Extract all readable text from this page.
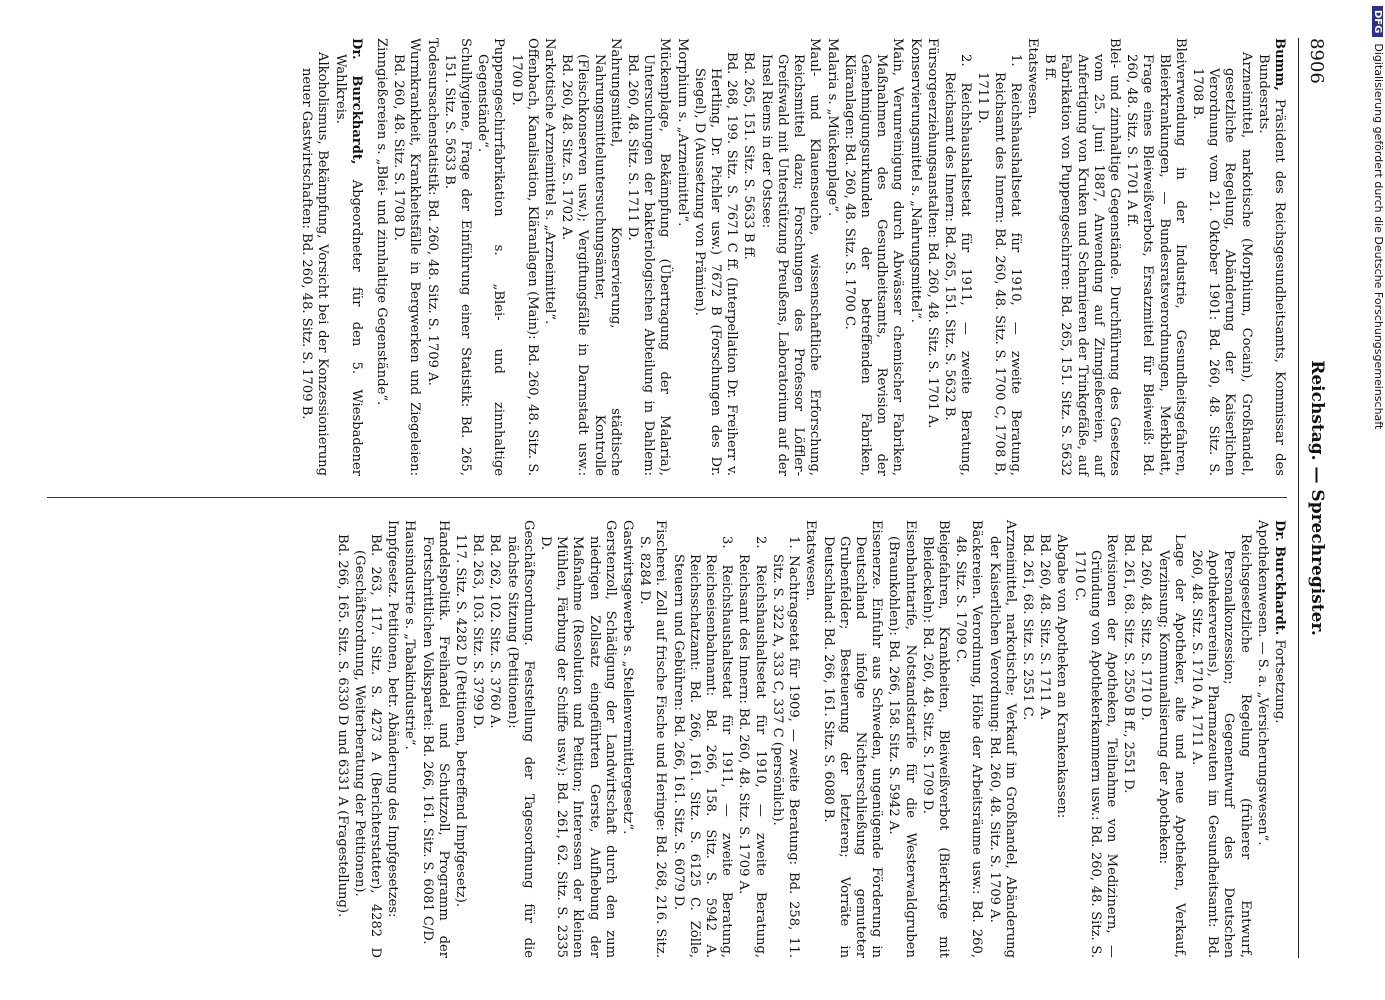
8906
Reichstag. — Sprechregister.

Bumm, Präsident des Reichsgesundheitsamts, Kommissar des Bundesrats.

Arzneimittel, narkotische (Morphium, Cocain), Großhandel, gesetzliche Regelung, Abänderung der Kaiserlichen Verordnung vom 21. Oktober 1901: Bd. 260, 48. Sitz. S. 1708 B.

Bleiverwendung in der Industrie, Gesundheitsgefahren, Bleierkrankungen, — Bundesratsverordnungen, Merkblatt, Frage eines Bleiweißverbots, Ersatzmittel für Bleiweiß: Bd. 260, 48. Sitz. S. 1701 A ff.

Blei- und zinnhaltige Gegenstände. Durchführung des Gesetzes vom 25. Juni 1887, Anwendung auf Zinngießereien, auf Anfertigung von Kruken und Scharnieren der Trinkgefäße, auf Fabrikation von Puppengeschirren: Bd. 265, 151. Sitz. S. 5632 B ff.

Etatswesen.

1. Reichshaushaltsetat für 1910, — zweite Beratung, Reichsamt des Innern: Bd. 260, 48. Sitz. S. 1700 C, 1708 B, 1711 D.

2. Reichshaushaltsetat für 1911, — zweite Beratung, Reichsamt des Innern: Bd. 265, 151. Sitz. S. 5632 B.

Fürsorgeerziehungsanstalten: Bd. 260, 48. Sitz. S. 1701 A.

Konservierungsmittel s. „Nahrungsmittel“.

Main, Verunreinigung durch Abwässer chemischer Fabriken, Maßnahmen des Gesundheitsamts, Revision der Genehmigungsurkunden der betreffenden Fabriken, Kläranlagen: Bd. 260, 48. Sitz. S. 1700 C.

Malaria s. „Mückenplage“.

Maul- und Klauenseuche, wissenschaftliche Erforschung, Reichsmittel dazu; Forschungen des Professor Löffler-Greifswald mit Unterstützung Preußens, Laboratorium auf der Insel Riems in der Ostsee:

Bd. 265, 151. Sitz. S. 5633 B ff.

Bd. 268, 199. Sitz. S. 7671 C ff. (Interpellation Dr. Freiherr v. Hertling, Dr. Pichler usw.) 7672 B (Forschungen des Dr. Siegel), D (Aussetzung von Prämien).

Morphium s. „Arzneimittel“.

Mückenplage, Bekämpfung (Übertragung der Malaria), Untersuchungen der bakteriologischen Abteilung in Dahlem: Bd. 260, 48. Sitz. S. 1711 D.

Nahrungsmittel, Konservierung, städtische Nahrungsmitteluntersuchungsämter, Kontrolle (Fleischkonserven usw.); Vergiftungsfälle in Darmstadt usw.: Bd. 260, 48. Sitz. S. 1702 A.

Narkotische Arzneimittel s. „Arzneimittel“.

Offenbach, Kanalisation, Kläranlagen (Main): Bd. 260, 48. Sitz. S. 1700 D.

Puppengeschirrfabrikation s. „Blei- und zinnhaltige Gegenstände“.

Schulhygiene, Frage der Einführung einer Statistik: Bd. 265, 151. Sitz. S. 5633 B.

Todesursachenstatistik: Bd. 260, 48. Sitz. S. 1709 A.

Wurmkrankheit, Krankheitsfälle in Bergwerken und Ziegeleien: Bd. 260, 48. Sitz. S. 1708 D.

Zinngießereien s. „Blei- und zinnhaltige Gegenstände“.

Dr. Burckhardt, Abgeordneter für den 5. Wiesbadener Wahlkreis.

Alkoholismus, Bekämpfung, Vorsicht bei der Konzessionierung neuer Gastwirtschaften: Bd. 260, 48. Sitz. S. 1709 B.

Dr. Burckhardt. Fortsetzung.

Apothekenwesen. — S. a. „Versicherungswesen“.

Reichsgesetzliche Regelung (früherer Entwurf, Personalkonzession; Gegenentwurf des Deutschen Apothekervereins), Pharmazeuten im Gesundheitsamt: Bd. 260, 48. Sitz. S. 1710 A, 1711 A.

Lage der Apotheker, alte und neue Apotheken, Verkauf, Verzinsung; Kommunalisierung der Apotheken:

Bd. 260, 48. Sitz. S. 1710 D.

Bd. 261, 68. Sitz. S. 2550 B ff., 2551 D.

Revisionen der Apotheken, Teilnahme von Medizinern, — Gründung von Apothekerkammern usw.: Bd. 260, 48. Sitz. S. 1710 C.

Abgabe von Apotheken an Krankenkassen:

Bd. 260, 48. Sitz. S. 1711 A.

Bd. 261, 68. Sitz. S. 2551 C.

Arzneimittel, narkotische; Verkauf im Großhandel, Abänderung der Kaiserlichen Verordnung: Bd. 260, 48. Sitz. S. 1709 A.

Bäckereien. Verordnung, Höhe der Arbeitsräume usw.: Bd. 260, 48. Sitz. S. 1709 C.

Bleigefahren, Krankheiten, Bleiweißverbot (Bierkrüge mit Bleideckeln): Bd. 260, 48. Sitz. S. 1709 D.

Eisenbahntarife, Notstandstarife für die Westerwaldgruben (Braunkohlen): Bd. 266, 158. Sitz. S. 5942 A.

Eisenerze. Einfuhr aus Schweden, ungenügende Förderung in Deutschland infolge Nichterschließung gemuteter Grubenfelder; Besteuerung der letzteren; Vorräte in Deutschland: Bd. 266, 161. Sitz. S. 6080 B.

Etatswesen.

1. Nachtragsetat für 1909, — zweite Beratung: Bd. 258, 11. Sitz. S. 322 A, 333 C, 337 C (persönlich).

2. Reichshaushaltsetat für 1910, — zweite Beratung, Reichsamt des Innern: Bd. 260, 48. Sitz. S. 1709 A.

3. Reichshaushaltsetat für 1911, — zweite Beratung, Reichseisenbahnamt: Bd. 266, 158. Sitz. S. 5942 A. Reichsschatzamt: Bd. 266, 161. Sitz. S. 6125 C. Zölle, Steuern und Gebühren: Bd. 266, 161. Sitz. S. 6079 D.

Fischerei. Zoll auf frische Fische und Heringe: Bd. 268, 216. Sitz. S. 8284 D.

Gastwirtsgewerbe s. „Stellenvermittlergesetz“.

Gerstenzoll, Schädigung der Landwirtschaft durch den zum niedrigen Zollsatz eingeführten Gerste, Aufhebung der Maßnahme (Resolution und Petition; Interessen der kleinen Mühlen, Färbung der Schiffe usw.): Bd. 261, 62. Sitz. S. 2335 D.

Geschäftsordnung. Feststellung der Tagesordnung für die nächste Sitzung (Petitionen):

Bd. 262, 102. Sitz. S. 3760 A.

Bd. 263, 103. Sitz. S. 3799 D.

117. Sitz. S. 4282 D (Petitionen, betreffend Impfgesetz).

Handelspolitik. Freihandel und Schutzzoll, Programm der Fortschrittlichen Volkspartei: Bd. 266, 161. Sitz. S. 6081 C/D.

Hausindustrie s. „Tabakindustrie“.

Impfgesetz. Petitionen, betr. Abänderung des Impfgesetzes:

Bd. 263, 117. Sitz. S. 4273 A (Berichterstatter), 4282 D (Geschäftsordnung, Weiterberatung der Petitionen).

Bd. 266, 165. Sitz. S. 6330 D und 6331 A (Fragestellung).

DFGDigitalisierung gefördert durch die Deutsche Forschungsgemeinschaft
